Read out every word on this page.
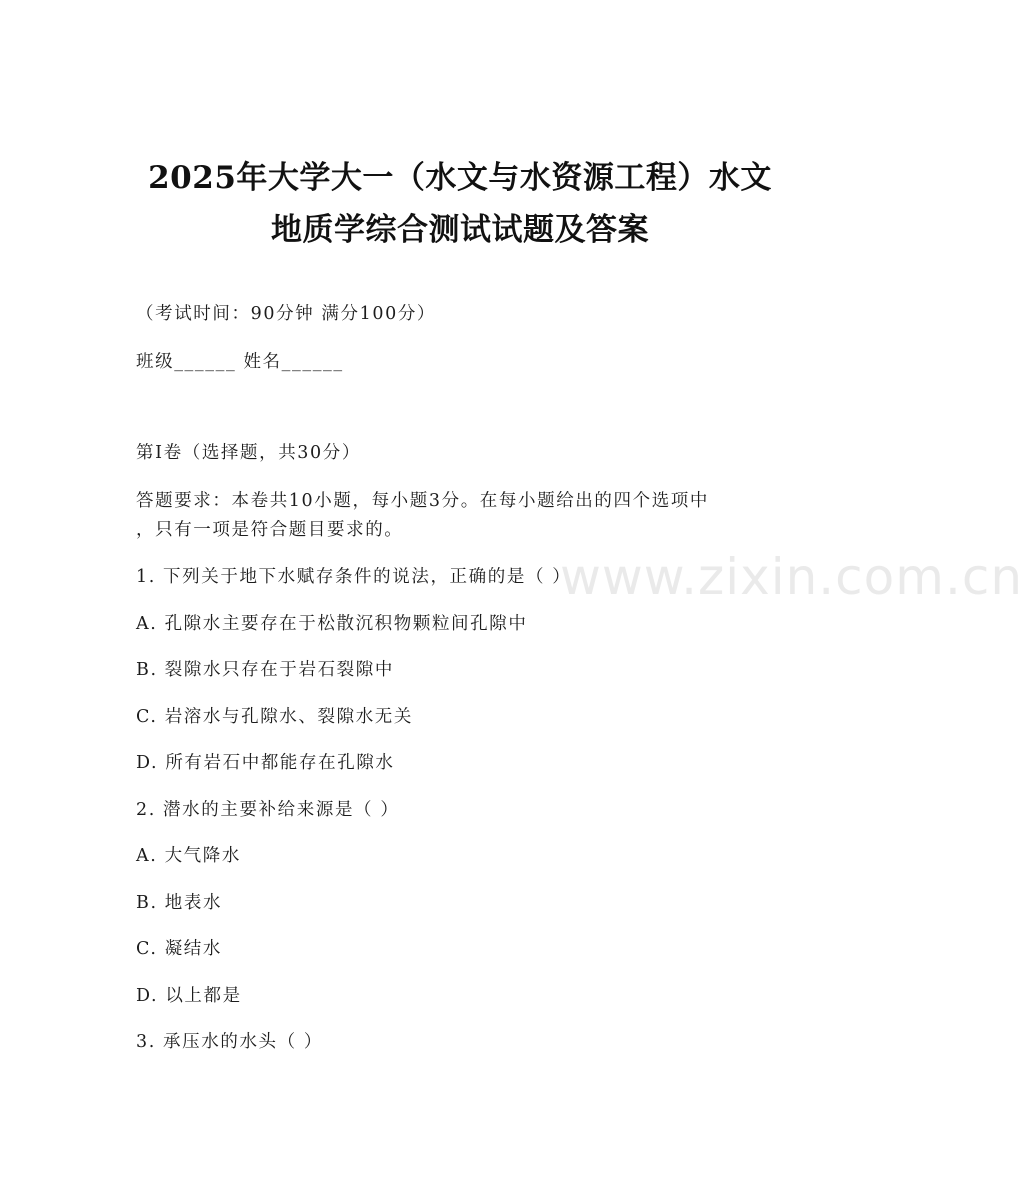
2025年大学大一（水文与水资源工程）水文
地质学综合测试试题及答案
（考试时间：90分钟 满分100分）
班级______ 姓名______
第I卷（选择题，共30分）
答题要求：本卷共10小题，每小题3分。在每小题给出的四个选项中
，只有一项是符合题目要求的。
1. 下列关于地下水赋存条件的说法，正确的是（ ）
A. 孔隙水主要存在于松散沉积物颗粒间孔隙中
B. 裂隙水只存在于岩石裂隙中
C. 岩溶水与孔隙水、裂隙水无关
D. 所有岩石中都能存在孔隙水
2. 潜水的主要补给来源是（ ）
A. 大气降水
B. 地表水
C. 凝结水
D. 以上都是
3. 承压水的水头（ ）
www.zixin.com.cn
